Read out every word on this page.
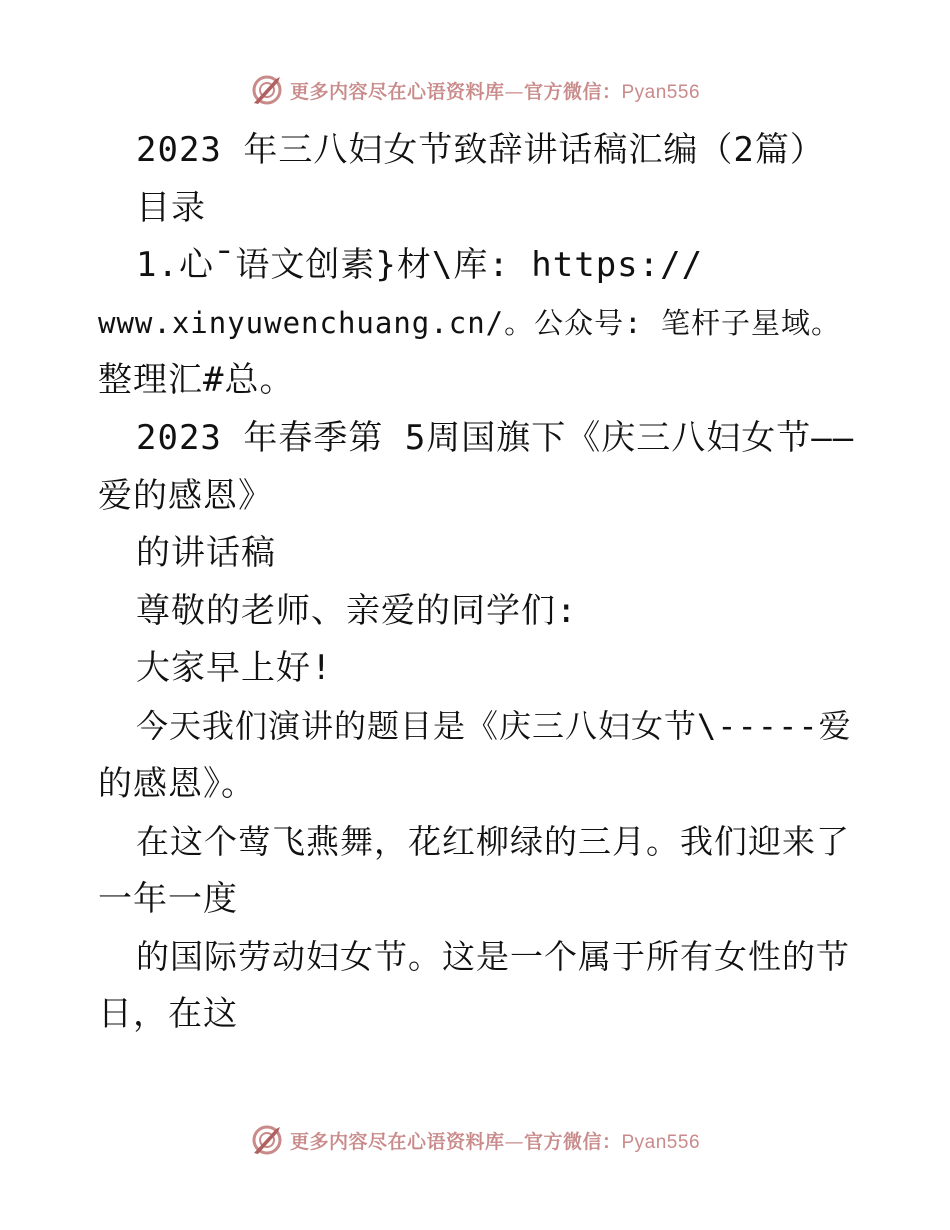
更多内容尽在心语资料库—官方微信：Pyan556
2023 年三八妇女节致辞讲话稿汇编（2篇）
目录
1.心¯语文创素}材\库: https://
www.xinyuwenchuang.cn/。公众号: 笔杆子星域。
整理汇#总。
2023 年春季第 5周国旗下《庆三八妇女节——
爱的感恩》
的讲话稿
尊敬的老师、亲爱的同学们:
大家早上好!
今天我们演讲的题目是《庆三八妇女节\-----爱
的感恩》。
在这个莺飞燕舞，花红柳绿的三月。我们迎来了
一年一度
的国际劳动妇女节。这是一个属于所有女性的节
日，在这
更多内容尽在心语资料库—官方微信：Pyan556
